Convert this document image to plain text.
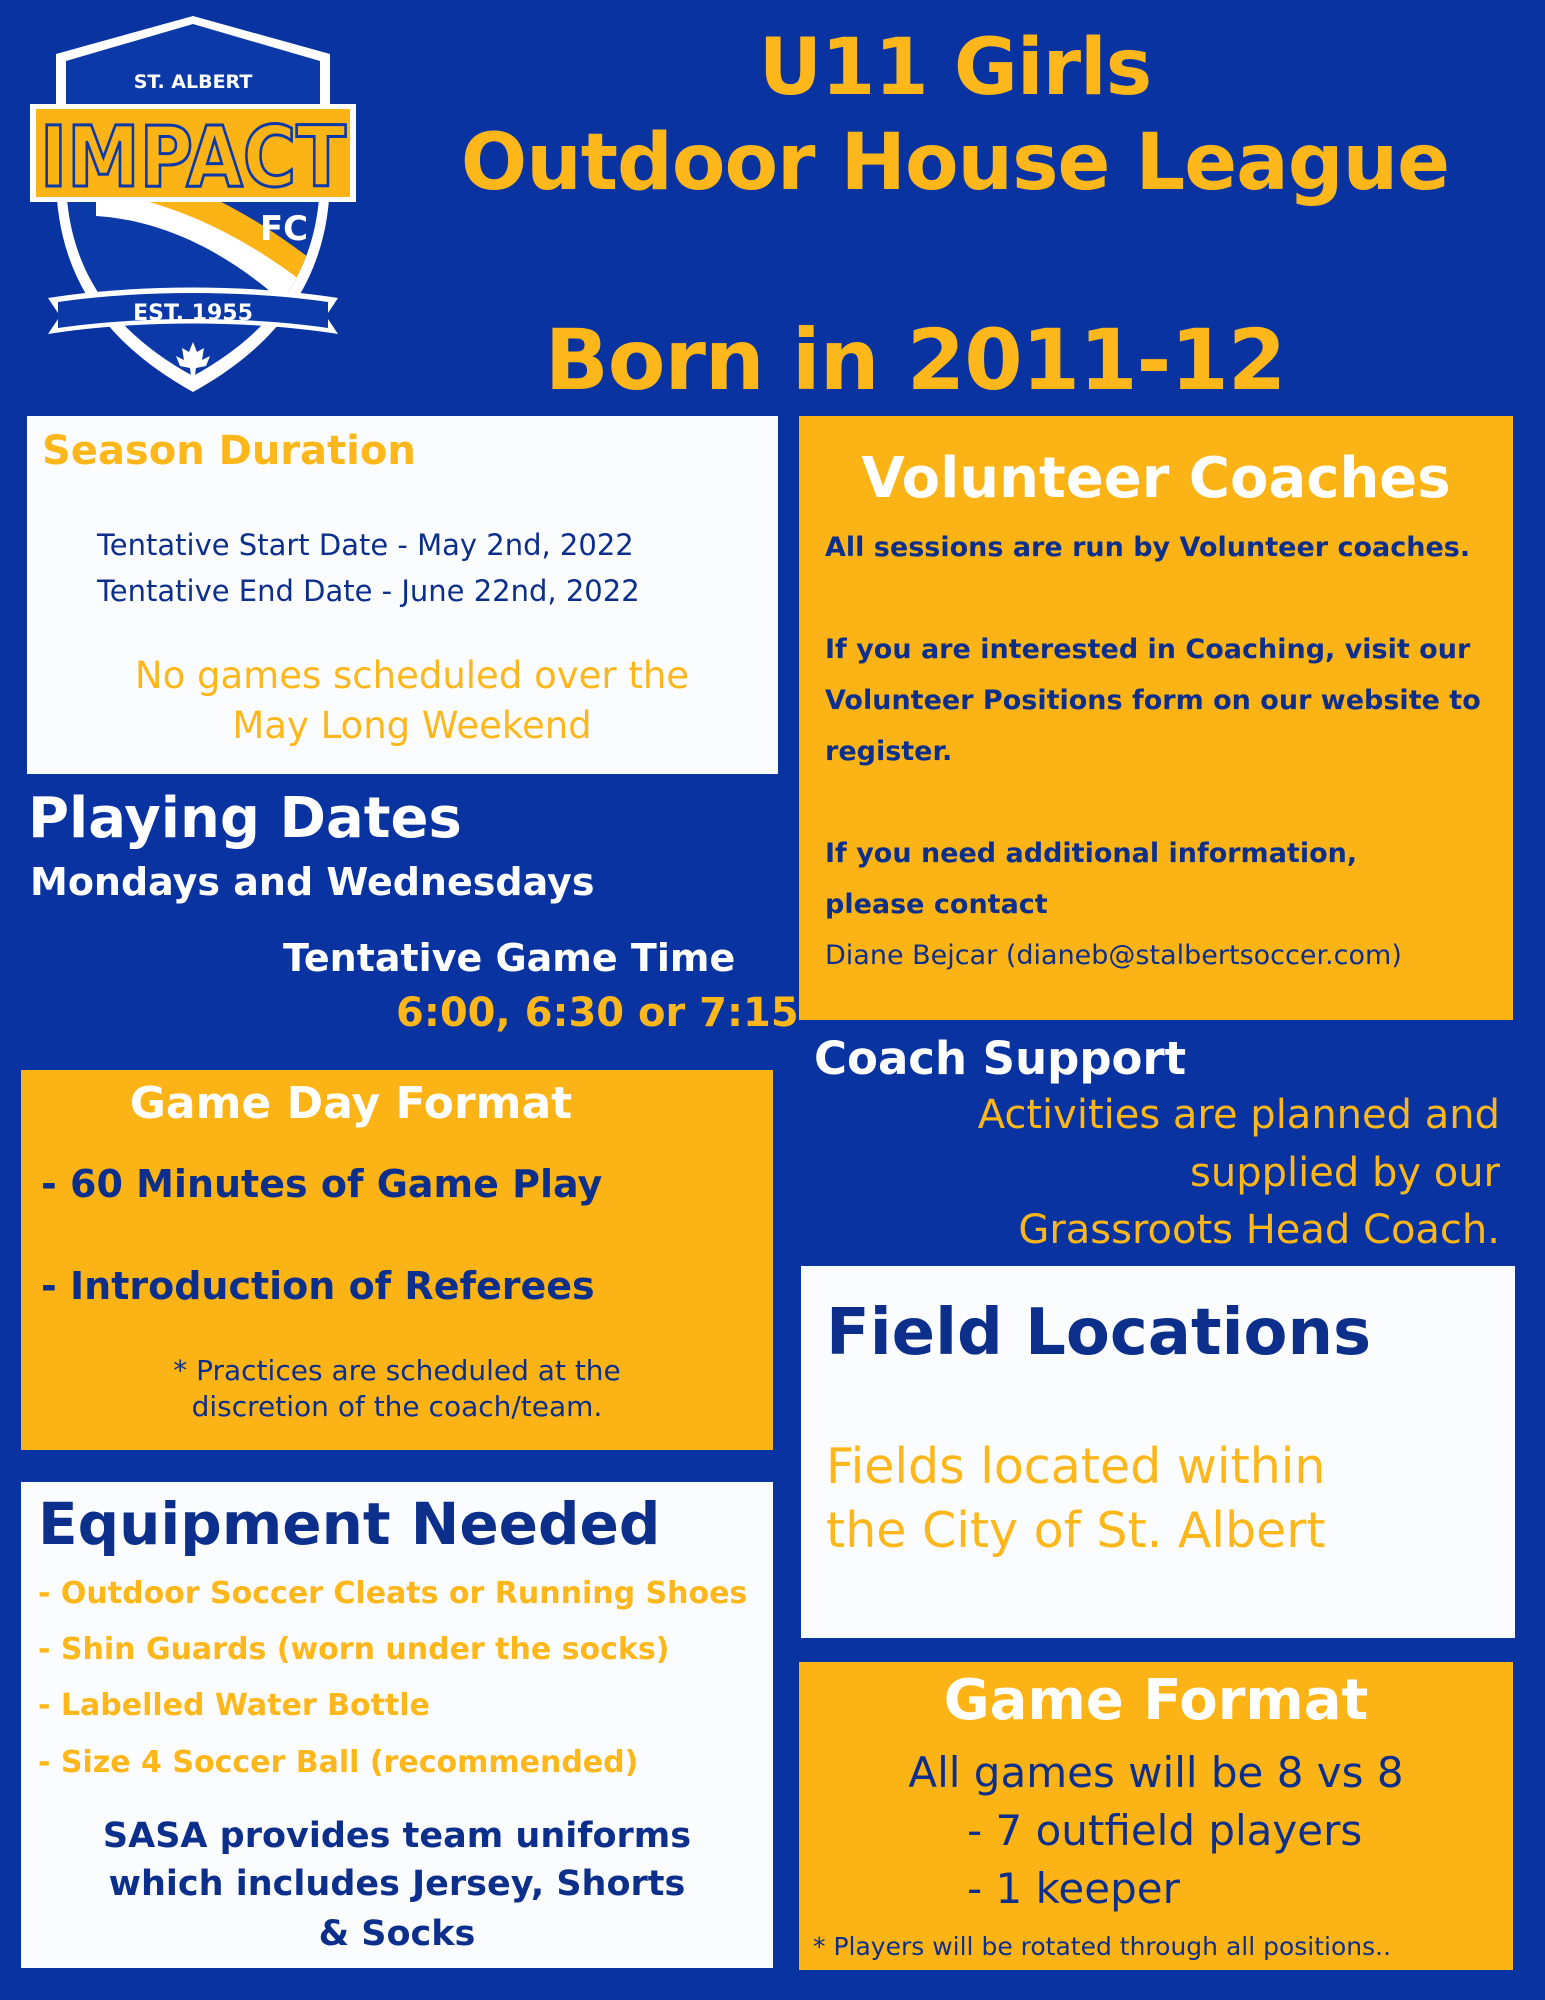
ST. ALBERT
IMPACT
FC
EST. 1955
U11 Girls
Outdoor House League
Born in 2011-12
Season Duration
Tentative Start Date - May 2nd, 2022
Tentative End Date - June 22nd, 2022
No games scheduled over the
May Long Weekend
Playing Dates
Mondays and Wednesdays
Tentative Game Time
6:00, 6:30 or 7:15
Game Day Format
- 60 Minutes of Game Play
- Introduction of Referees
* Practices are scheduled at the
discretion of the coach/team.
Equipment Needed
- Outdoor Soccer Cleats or Running Shoes
- Shin Guards (worn under the socks)
- Labelled Water Bottle
- Size 4 Soccer Ball (recommended)
SASA provides team uniforms
which includes Jersey, Shorts
& Socks
Volunteer Coaches
All sessions are run by Volunteer coaches.
If you are interested in Coaching, visit our
Volunteer Positions form on our website to
register.
If you need additional information,
please contact
Diane Bejcar (dianeb@stalbertsoccer.com)
Coach Support
Activities are planned and
supplied by our
Grassroots Head Coach.
Field Locations
Fields located within
the City of St. Albert
Game Format
All games will be 8 vs 8
- 7 outfield players
- 1 keeper
* Players will be rotated through all positions..
